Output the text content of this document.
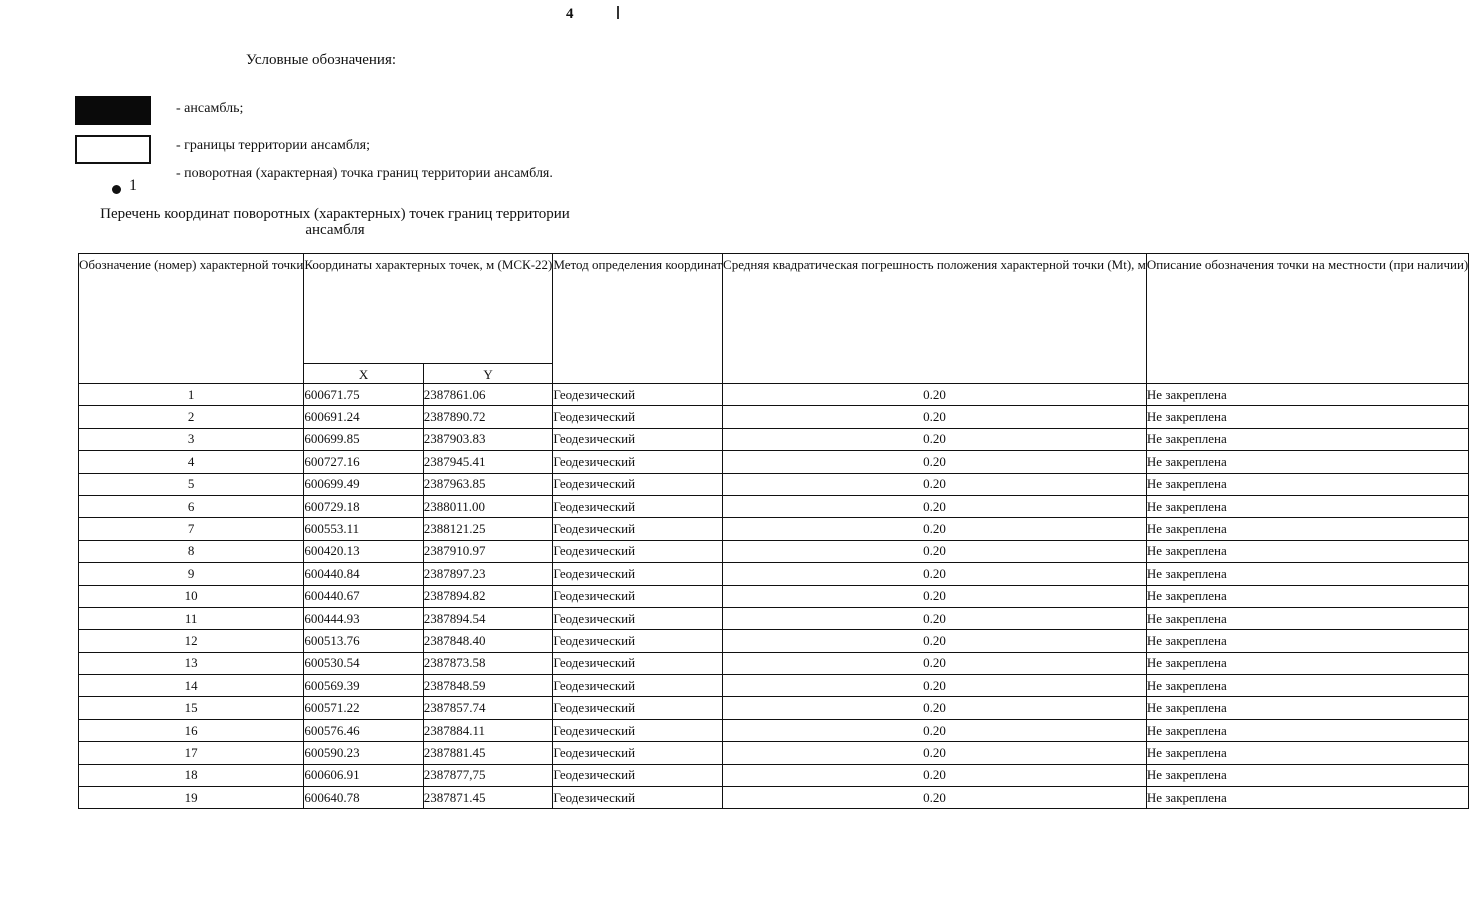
4
Условные обозначения:
- ансамбль;
- границы территории ансамбля;
1
- поворотная (характерная) точка границ территории ансамбля.
Перечень координат поворотных (характерных) точек границ территории ансамбля
Обозначение (номер) характерной точки	Координаты характерных точек, м (МСК-22)		Метод определения координат	Средняя квадратическая погрешность положения характерной точки (Mt), м	Описание обозначения точки на местности (при наличии)
	X	Y			
1	600671.75	2387861.06	Геодезический	0.20	Не закреплена
2	600691.24	2387890.72	Геодезический	0.20	Не закреплена
3	600699.85	2387903.83	Геодезический	0.20	Не закреплена
4	600727.16	2387945.41	Геодезический	0.20	Не закреплена
5	600699.49	2387963.85	Геодезический	0.20	Не закреплена
6	600729.18	2388011.00	Геодезический	0.20	Не закреплена
7	600553.11	2388121.25	Геодезический	0.20	Не закреплена
8	600420.13	2387910.97	Геодезический	0.20	Не закреплена
9	600440.84	2387897.23	Геодезический	0.20	Не закреплена
10	600440.67	2387894.82	Геодезический	0.20	Не закреплена
11	600444.93	2387894.54	Геодезический	0.20	Не закреплена
12	600513.76	2387848.40	Геодезический	0.20	Не закреплена
13	600530.54	2387873.58	Геодезический	0.20	Не закреплена
14	600569.39	2387848.59	Геодезический	0.20	Не закреплена
15	600571.22	2387857.74	Геодезический	0.20	Не закреплена
16	600576.46	2387884.11	Геодезический	0.20	Не закреплена
17	600590.23	2387881.45	Геодезический	0.20	Не закреплена
18	600606.91	2387877,75	Геодезический	0.20	Не закреплена
19	600640.78	2387871.45	Геодезический	0.20	Не закреплена
